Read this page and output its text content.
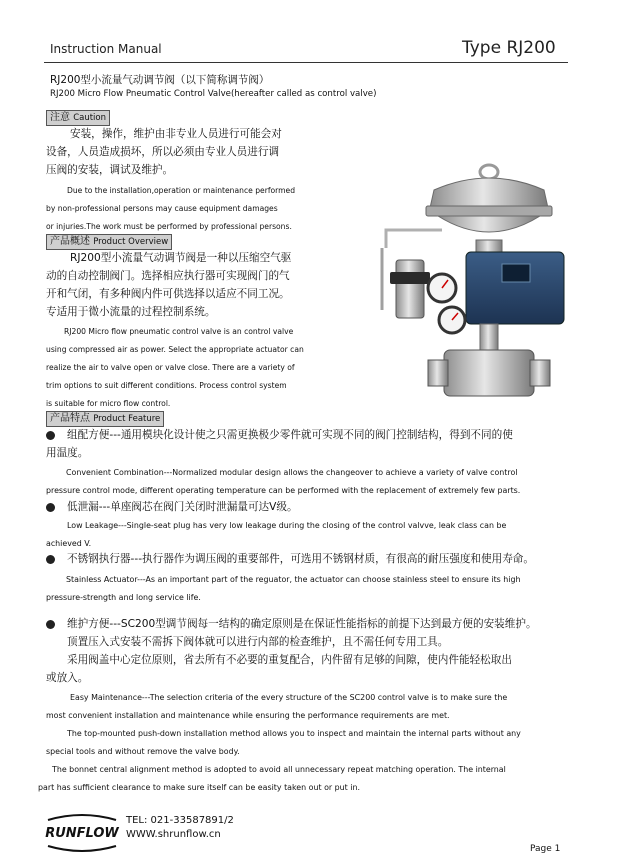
Instruction Manual	Type RJ200
RJ200型小流量气动调节阀（以下简称调节阀）
RJ200 Micro Flow Pneumatic Control Valve(hereafter called as control valve)
注意 Caution
安装，操作，维护由非专业人员进行可能会对
设备，人员造成损坏，所以必须由专业人员进行调
压阀的安装，调试及维护。
Due to the installation,operation or maintenance performed
by non-professional persons may cause equipment damages
or injuries.The work must be performed by professional persons.
产品概述 Product Overview
RJ200型小流量气动调节阀是一种以压缩空气驱
动的自动控制阀门。选择相应执行器可实现阀门的气
开和气闭，有多种阀内件可供选择以适应不同工况。
专适用于微小流量的过程控制系统。
RJ200 Micro flow pneumatic control valve is an control valve
using compressed air as power. Select the appropriate actuator can
realize the air to valve open or valve close. There are a variety of
trim options to suit different conditions. Process control system
is suitable for micro flow control.
产品特点 Product Feature
组配方便---通用模块化设计使之只需更换极少零件就可实现不同的阀门控制结构，得到不同的使
用温度。
Convenient Combination---Normalized modular design allows the changeover to achieve a variety of valve control
pressure control mode, different operating temperature can be performed with the replacement of extremely few parts.
低泄漏---单座阀芯在阀门关闭时泄漏量可达V级。
Low Leakage---Single-seat plug has very low leakage during the closing of the control valvve, leak class can be
achieved V.
不锈钢执行器---执行器作为调压阀的重要部件，可选用不锈钢材质，有很高的耐压强度和使用寿命。
Stainless Actuator---As an important part of the reguator, the actuator can choose stainless steel to ensure its high
pressure-strength and long service life.
维护方便---SC200型调节阀每一结构的确定原则是在保证性能指标的前提下达到最方便的安装维护。
顶置压入式安装不需拆下阀体就可以进行内部的检查维护，且不需任何专用工具。
采用阀盖中心定位原则，省去所有不必要的重复配合，内件留有足够的间隙，使内件能轻松取出
或放入。
Easy Maintenance---The selection criteria of the every structure of the SC200 control valve is to make sure the
most convenient installation and maintenance while ensuring the performance requirements are met.
The top-mounted push-down installation method allows you to inspect and maintain the internal parts without any
special tools and without remove the valve body.
The bonnet central alignment method is adopted to avoid all unnecessary repeat matching operation. The internal
part has sufficient clearance to make sure itself can be easity taken out or put in.
RUNFLOW
TEL: 021-33587891/2
WWW.shrunflow.cn
Page 1
